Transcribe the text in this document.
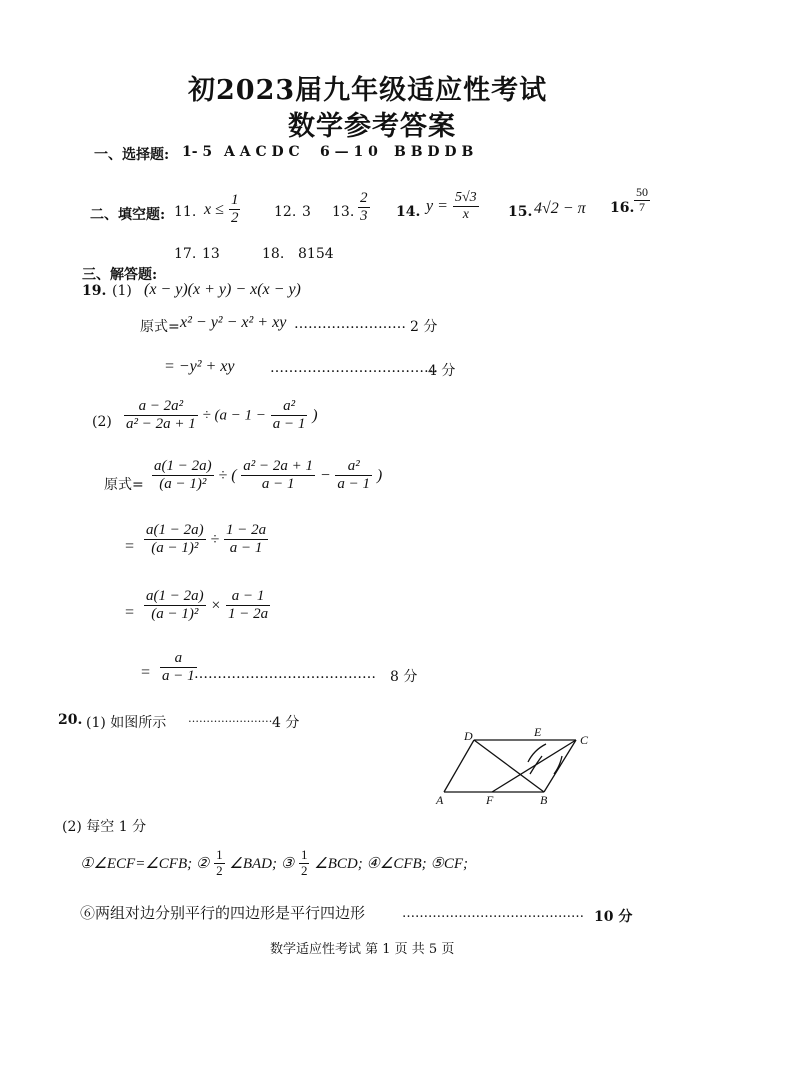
初2023届九年级适应性考试
数学参考答案
一、选择题: 1- 5 A A C D C 6 — 1 0 B B D D B
二、填空题: 11. $x \le \frac{1}{2} 12$. 3 13. $\frac{2}{3} 14$. $y = \frac{5√3}{x} 15$. 4√2 − π 16. $\frac{50}{7}$
17. 13	18. 8154
三、解答题:
19. (1) (x − y)(x + y) − x(x − y)
原式= x² − y² − x² + xy …………………… 2 分
= −y² + xy	………………………………
4 分
$(2) \frac{\text{a − 2a²}}{\text{a² − 2a + 1}} \div (a - 1 - \frac{\text{a²}}{a - 1}$ )
原式= $\frac{a(1 - 2a)}{\text{(a − 1)²}}$ ÷ ( $\frac{\text{a² − 2a + 1}}{a - 1} - \frac{\text{a²}}{a - 1}$ )
= $\frac{a(1 - 2a)}{\text{(a − 1)²}} \div \frac{1 - 2a}{a - 1}$
= $\frac{a(1 - 2a)}{\text{(a − 1)²}} \times \frac{a - 1}{1 - 2a}$
= $\frac{a}{a - 1}$
………………………………… 8 分
20. (1) 如图所示 ……………………
4 分
D	E
C
A	F	B
(2) 每空 1 分
①∠ECF=∠CFB; ② $\frac{1}{2}$ ∠BAD; ③ $\frac{1}{2}$ ∠BCD; ④∠CFB; ⑤CF;
⑥两组对边分别平行的四边形是平行四边形	…………………………………… 10 分
数学适应性考试 第 1 页 共 5 页
